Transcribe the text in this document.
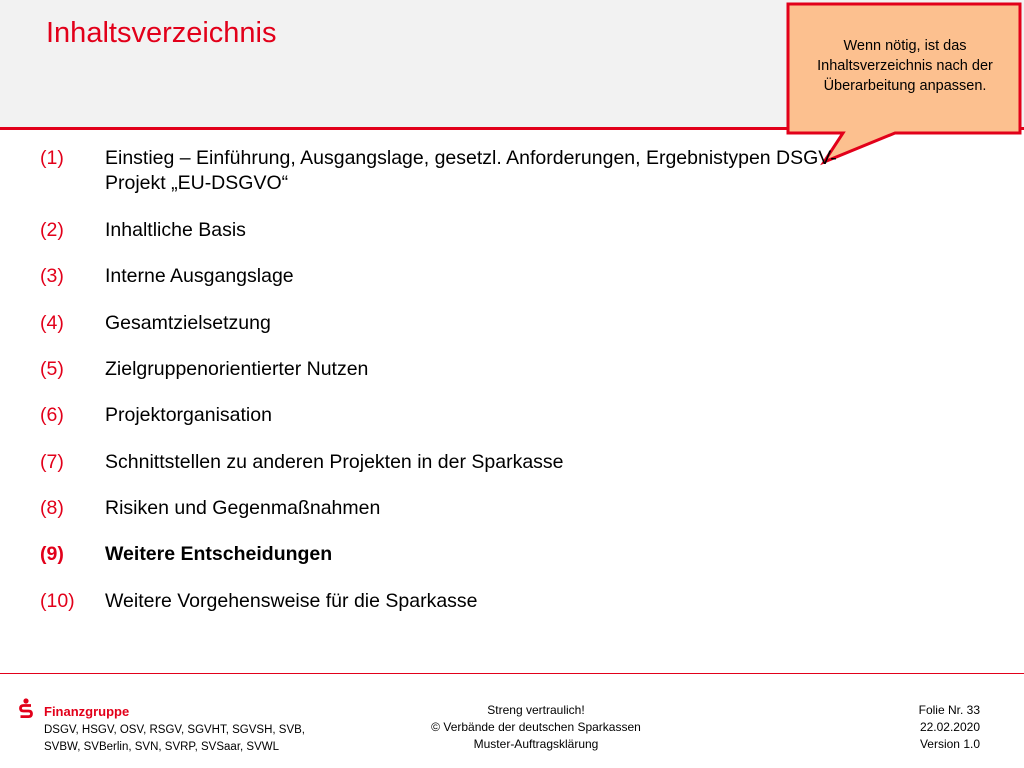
Inhaltsverzeichnis	Wenn nötig, ist das
Inhaltsverzeichnis nach der
Überarbeitung anpassen.
(1) Einstieg – Einführung, Ausgangslage, gesetzl. Anforderungen, Ergebnistypen DSGV-
Projekt „EU-DSGVO“
(2) Inhaltliche Basis
(3) Interne Ausgangslage
(4) Gesamtzielsetzung
(5) Zielgruppenorientierter Nutzen
(6) Projektorganisation
(7) Schnittstellen zu anderen Projekten in der Sparkasse
(8) Risiken und Gegenmaßnahmen
(9) Weitere Entscheidungen
(10) Weitere Vorgehensweise für die Sparkasse
Finanzgruppe
DSGV, HSGV, OSV, RSGV, SGVHT, SGVSH, SVB,
SVBW, SVBerlin, SVN, SVRP, SVSaar, SVWL
Streng vertraulich!
© Verbände der deutschen Sparkassen
Muster-Auftragsklärung
Folie Nr. 33
22.02.2020
Version 1.0
